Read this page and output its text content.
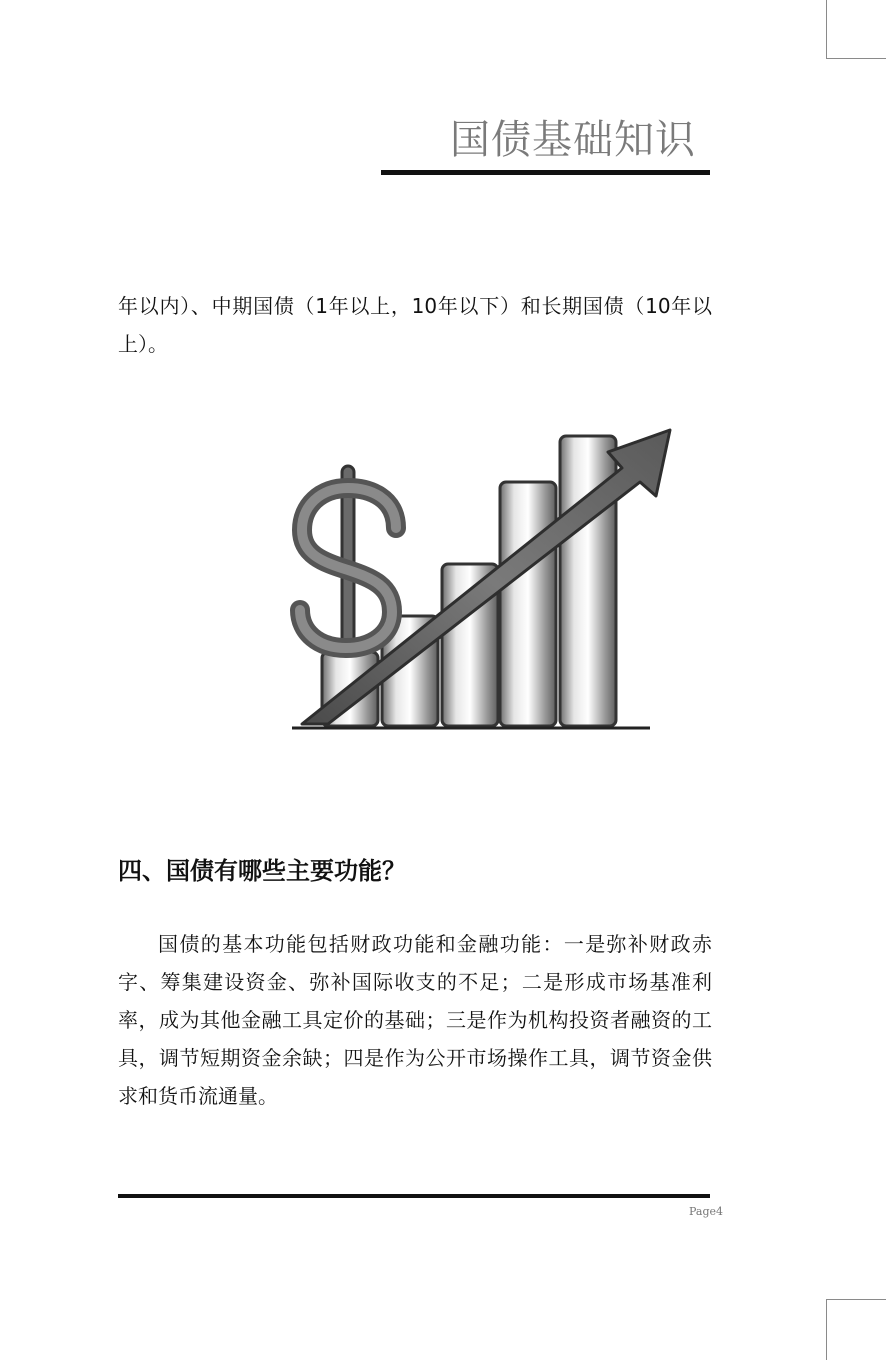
国债基础知识

年以内）、中期国债（1年以上，10年以下）和长期国债（10年以上）。

四、国债有哪些主要功能？

国债的基本功能包括财政功能和金融功能：一是弥补财政赤字、筹集建设资金、弥补国际收支的不足；二是形成市场基准利率，成为其他金融工具定价的基础；三是作为机构投资者融资的工具，调节短期资金余缺；四是作为公开市场操作工具，调节资金供求和货币流通量。

Page4
